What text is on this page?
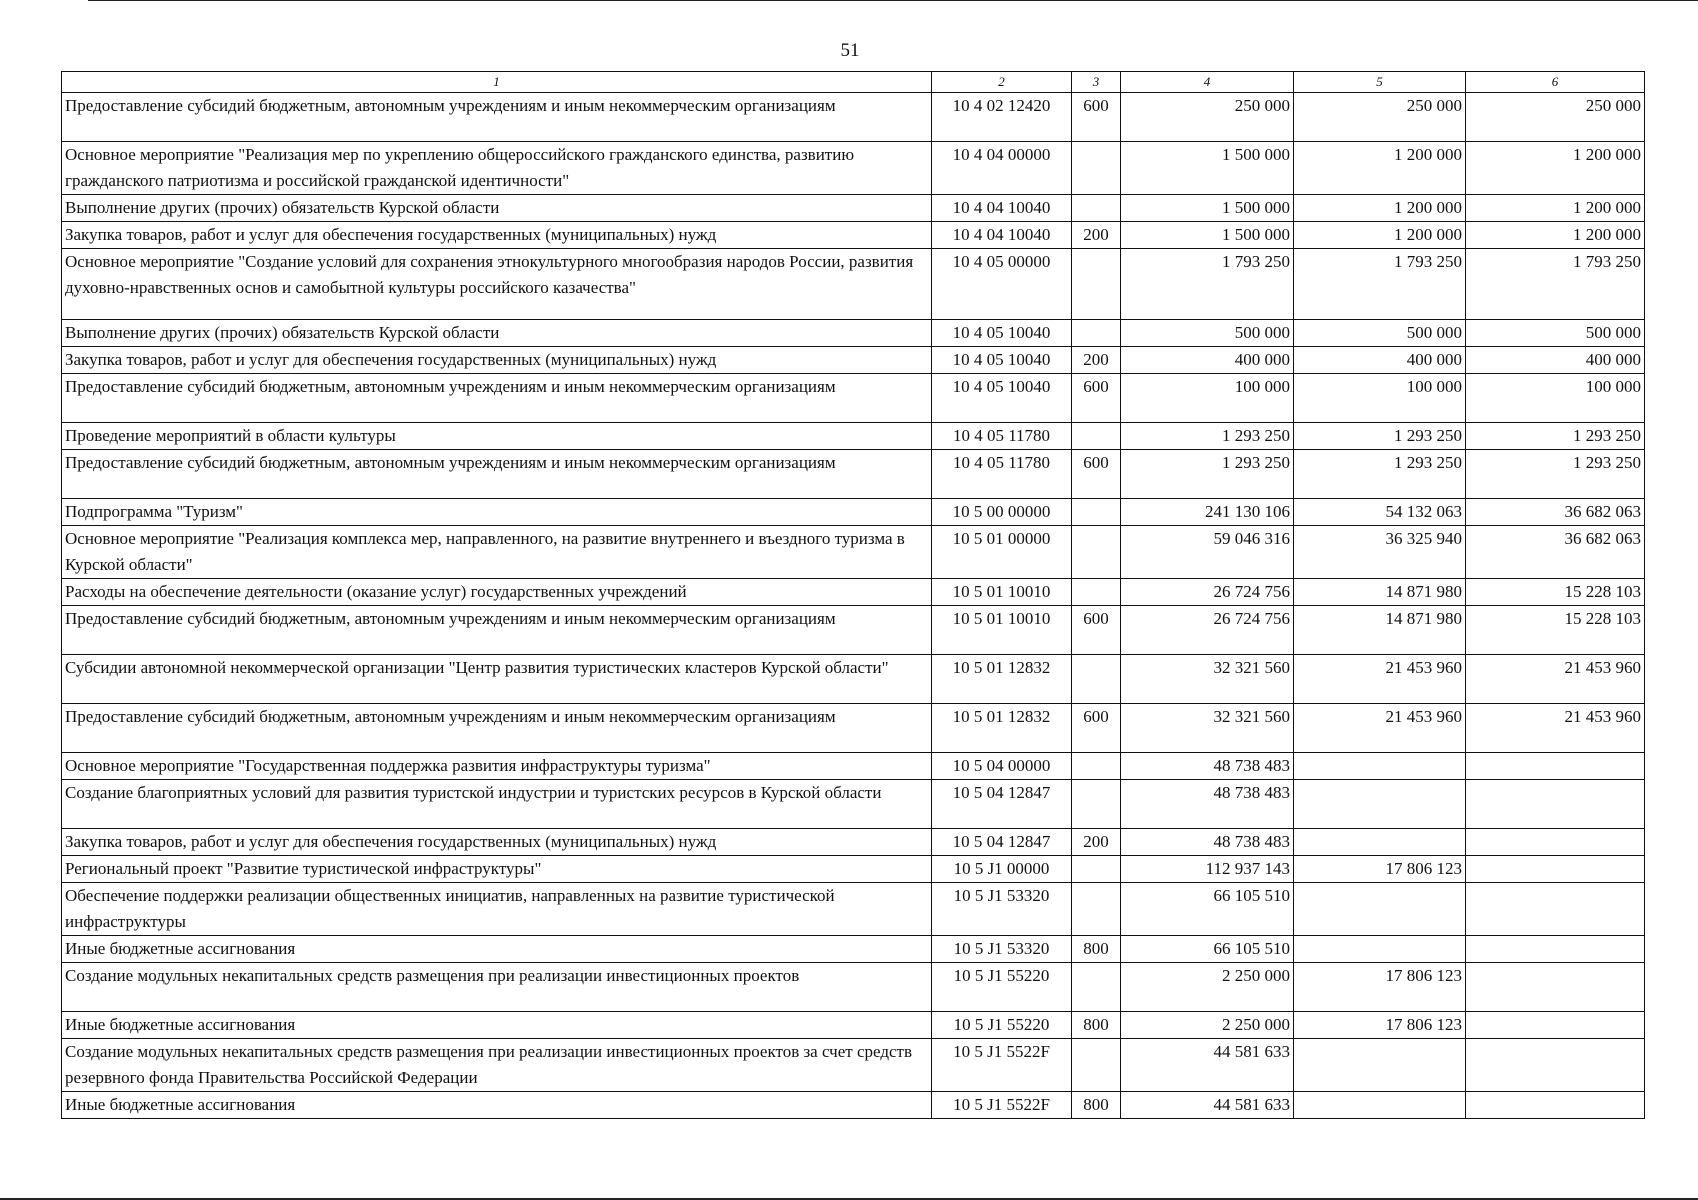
51
1	2	3	4	5	6
Предоставление субсидий бюджетным, автономным учреждениям и иным некоммерческим организациям	10 4 02 12420	600	250 000	250 000	250 000
Основное мероприятие "Реализация мер по укреплению общероссийского гражданского единства, развитию гражданского патриотизма и российской гражданской идентичности"	10 4 04 00000		1 500 000	1 200 000	1 200 000
Выполнение других (прочих) обязательств Курской области	10 4 04 10040		1 500 000	1 200 000	1 200 000
Закупка товаров, работ и услуг для обеспечения государственных (муниципальных) нужд	10 4 04 10040	200	1 500 000	1 200 000	1 200 000
Основное мероприятие "Создание условий для сохранения этнокультурного многообразия народов России, развития духовно-нравственных основ и самобытной культуры российского казачества"	10 4 05 00000		1 793 250	1 793 250	1 793 250
Выполнение других (прочих) обязательств Курской области	10 4 05 10040		500 000	500 000	500 000
Закупка товаров, работ и услуг для обеспечения государственных (муниципальных) нужд	10 4 05 10040	200	400 000	400 000	400 000
Предоставление субсидий бюджетным, автономным учреждениям и иным некоммерческим организациям	10 4 05 10040	600	100 000	100 000	100 000
Проведение мероприятий в области культуры	10 4 05 11780		1 293 250	1 293 250	1 293 250
Предоставление субсидий бюджетным, автономным учреждениям и иным некоммерческим организациям	10 4 05 11780	600	1 293 250	1 293 250	1 293 250
Подпрограмма "Туризм"	10 5 00 00000		241 130 106	54 132 063	36 682 063
Основное мероприятие "Реализация комплекса мер, направленного, на развитие внутреннего и въездного туризма в Курской области"	10 5 01 00000		59 046 316	36 325 940	36 682 063
Расходы на обеспечение деятельности (оказание услуг) государственных учреждений	10 5 01 10010		26 724 756	14 871 980	15 228 103
Предоставление субсидий бюджетным, автономным учреждениям и иным некоммерческим организациям	10 5 01 10010	600	26 724 756	14 871 980	15 228 103
Субсидии автономной некоммерческой организации "Центр развития туристических кластеров Курской области"	10 5 01 12832		32 321 560	21 453 960	21 453 960
Предоставление субсидий бюджетным, автономным учреждениям и иным некоммерческим организациям	10 5 01 12832	600	32 321 560	21 453 960	21 453 960
Основное мероприятие "Государственная поддержка развития инфраструктуры туризма"	10 5 04 00000		48 738 483		
Создание благоприятных условий для развития туристской индустрии и туристских ресурсов в Курской области	10 5 04 12847		48 738 483		
Закупка товаров, работ и услуг для обеспечения государственных (муниципальных) нужд	10 5 04 12847	200	48 738 483		
Региональный проект "Развитие туристической инфраструктуры"	10 5 J1 00000		112 937 143	17 806 123	
Обеспечение поддержки реализации общественных инициатив, направленных на развитие туристической инфраструктуры	10 5 J1 53320		66 105 510		
Иные бюджетные ассигнования	10 5 J1 53320	800	66 105 510		
Создание модульных некапитальных средств размещения при реализации инвестиционных проектов	10 5 J1 55220		2 250 000	17 806 123	
Иные бюджетные ассигнования	10 5 J1 55220	800	2 250 000	17 806 123	
Создание модульных некапитальных средств размещения при реализации инвестиционных проектов за счет средств резервного фонда Правительства Российской Федерации	10 5 J1 5522F		44 581 633		
Иные бюджетные ассигнования	10 5 J1 5522F	800	44 581 633		
